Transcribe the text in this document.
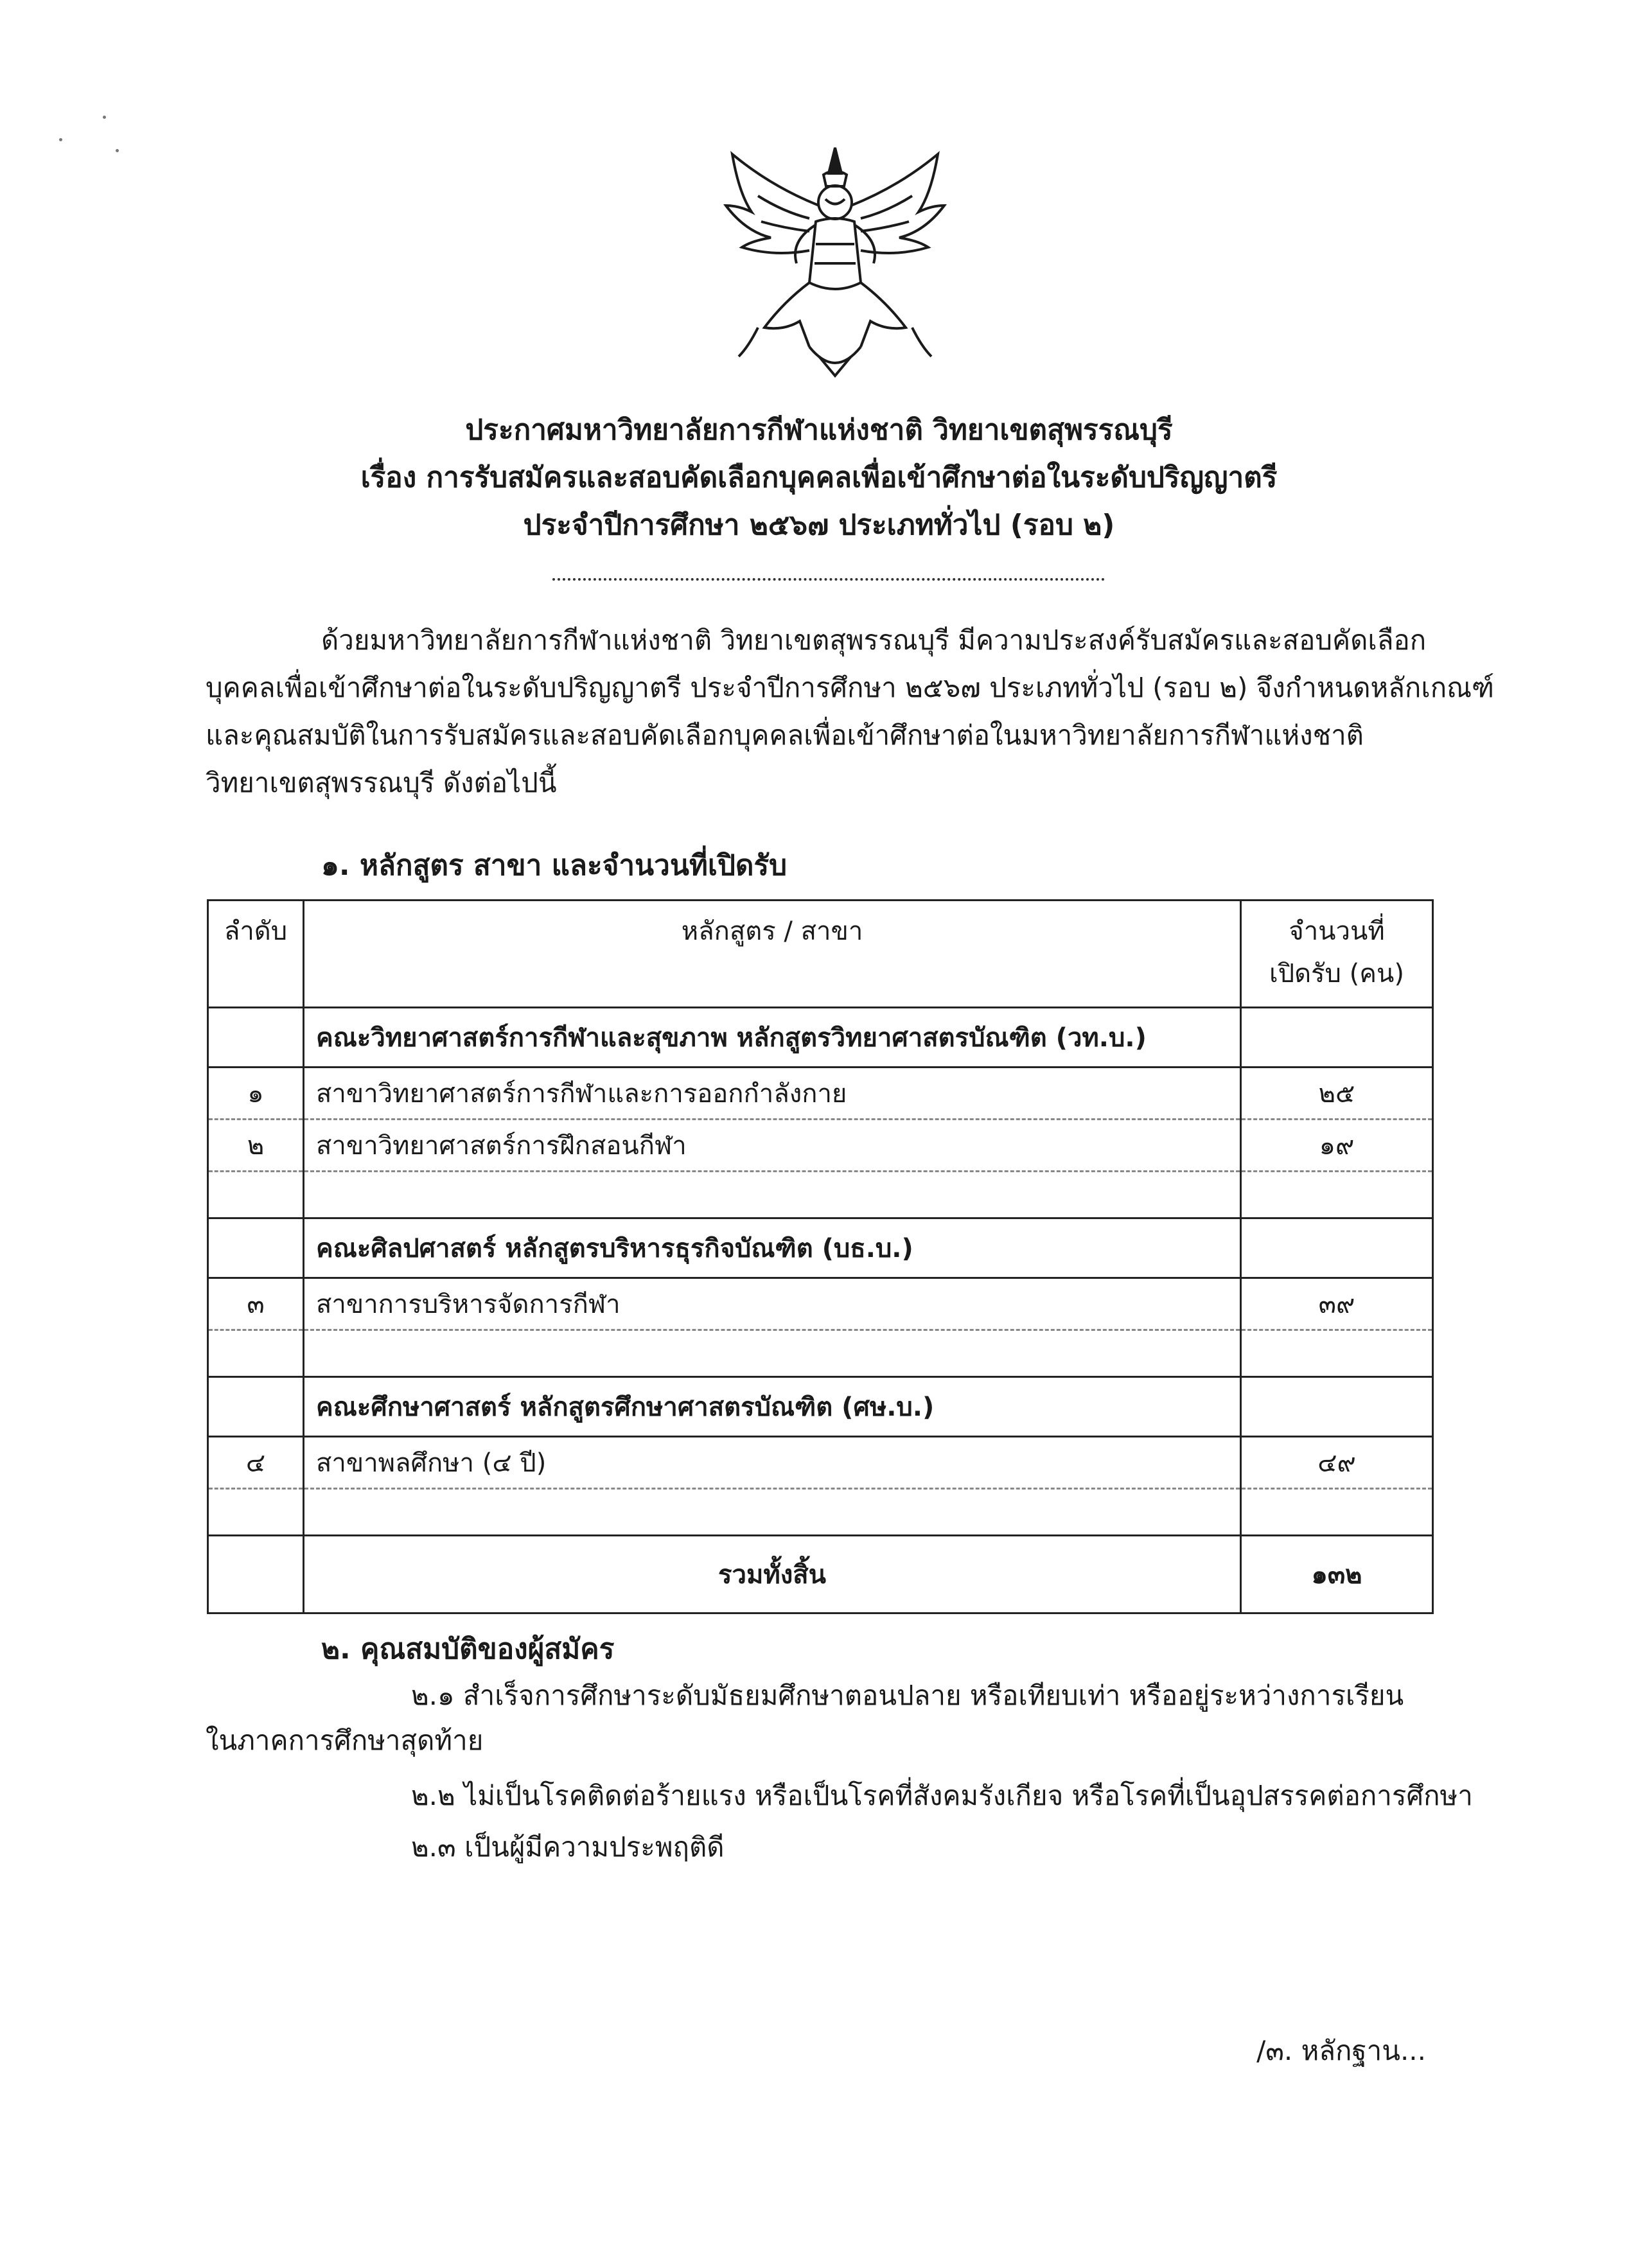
ประกาศมหาวิทยาลัยการกีฬาแห่งชาติ วิทยาเขตสุพรรณบุรี
เรื่อง การรับสมัครและสอบคัดเลือกบุคคลเพื่อเข้าศึกษาต่อในระดับปริญญาตรี
ประจำปีการศึกษา ๒๕๖๗ ประเภททั่วไป (รอบ ๒)
ด้วยมหาวิทยาลัยการกีฬาแห่งชาติ วิทยาเขตสุพรรณบุรี มีความประสงค์รับสมัครและสอบคัดเลือก
บุคคลเพื่อเข้าศึกษาต่อในระดับปริญญาตรี ประจำปีการศึกษา ๒๕๖๗ ประเภททั่วไป (รอบ ๒) จึงกำหนดหลักเกณฑ์
และคุณสมบัติในการรับสมัครและสอบคัดเลือกบุคคลเพื่อเข้าศึกษาต่อในมหาวิทยาลัยการกีฬาแห่งชาติ
วิทยาเขตสุพรรณบุรี ดังต่อไปนี้
๑. หลักสูตร สาขา และจำนวนที่เปิดรับ
ลำดับ	หลักสูตร / สาขา	จำนวนที่
เปิดรับ (คน)
	คณะวิทยาศาสตร์การกีฬาและสุขภาพ หลักสูตรวิทยาศาสตรบัณฑิต (วท.บ.)	
๑	สาขาวิทยาศาสตร์การกีฬาและการออกกำลังกาย	๒๕
๒	สาขาวิทยาศาสตร์การฝึกสอนกีฬา	๑๙

	คณะศิลปศาสตร์ หลักสูตรบริหารธุรกิจบัณฑิต (บธ.บ.)	
๓	สาขาการบริหารจัดการกีฬา	๓๙

	คณะศึกษาศาสตร์ หลักสูตรศึกษาศาสตรบัณฑิต (ศษ.บ.)	
๔	สาขาพลศึกษา (๔ ปี)	๔๙

	รวมทั้งสิ้น	๑๓๒
๒. คุณสมบัติของผู้สมัคร
๒.๑ สำเร็จการศึกษาระดับมัธยมศึกษาตอนปลาย หรือเทียบเท่า หรืออยู่ระหว่างการเรียน
ในภาคการศึกษาสุดท้าย
๒.๒ ไม่เป็นโรคติดต่อร้ายแรง หรือเป็นโรคที่สังคมรังเกียจ หรือโรคที่เป็นอุปสรรคต่อการศึกษา
๒.๓ เป็นผู้มีความประพฤติดี
/๓. หลักฐาน...
